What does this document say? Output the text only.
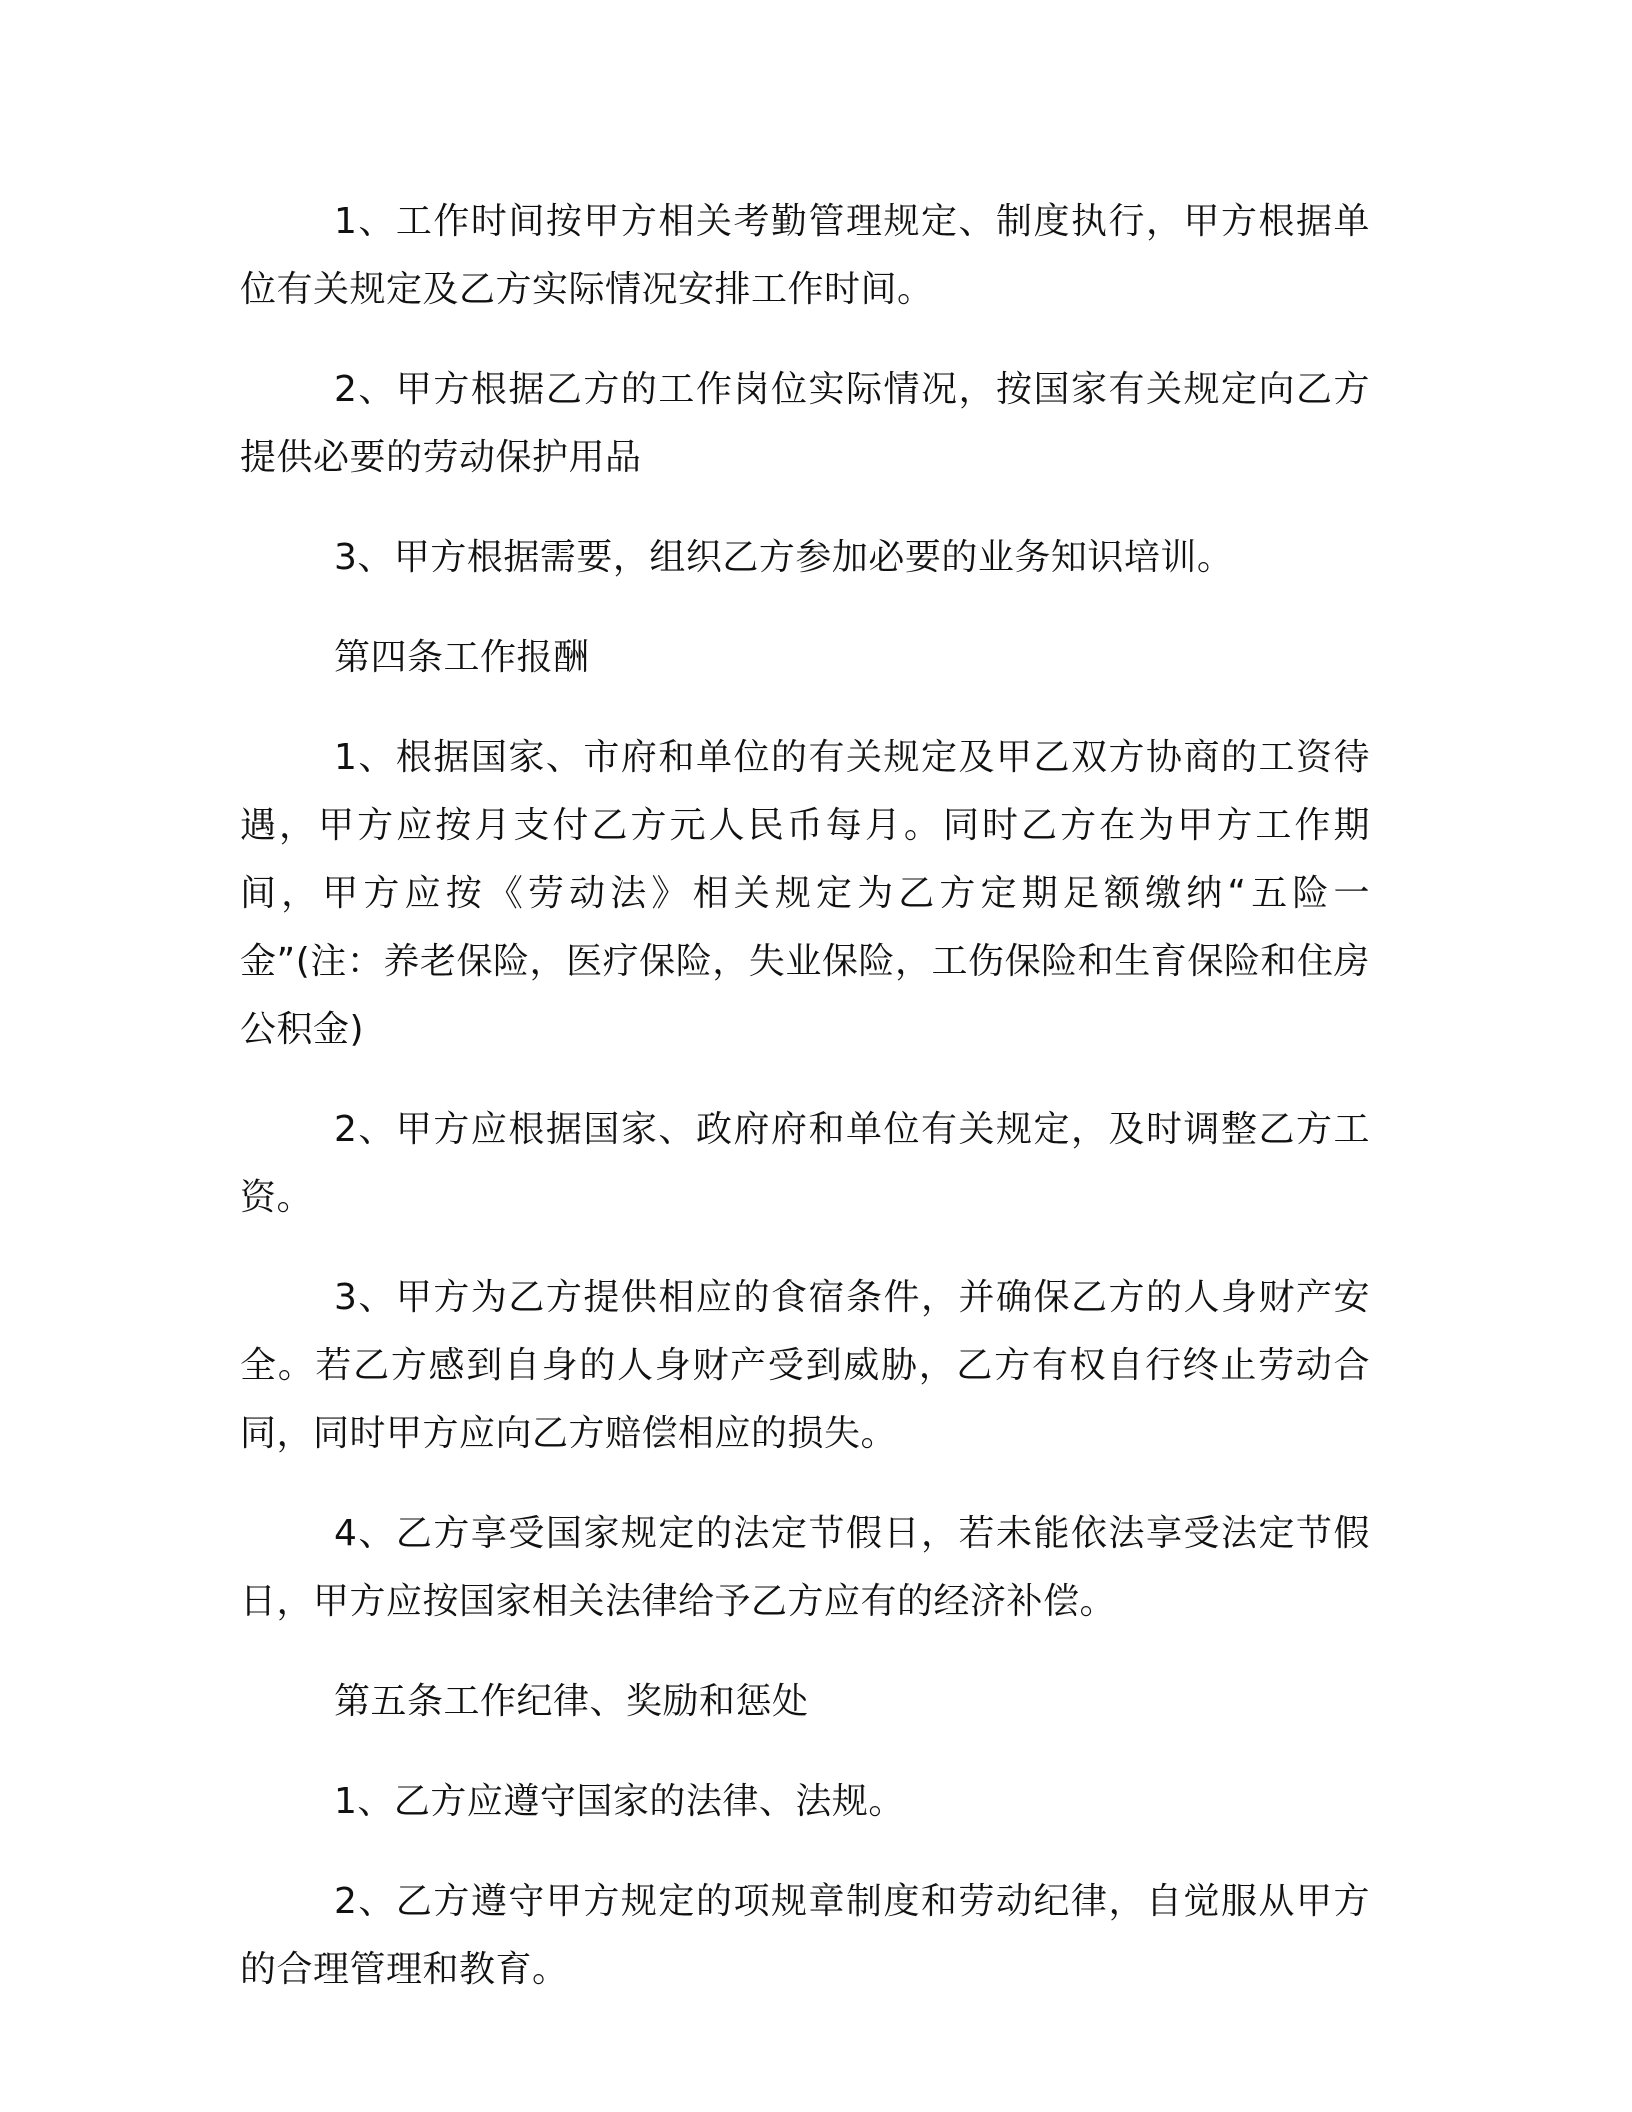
1、工作时间按甲方相关考勤管理规定、制度执行，甲方根据单位有关规定及乙方实际情况安排工作时间。

2、甲方根据乙方的工作岗位实际情况，按国家有关规定向乙方提供必要的劳动保护用品

3、甲方根据需要，组织乙方参加必要的业务知识培训。

第四条工作报酬

1、根据国家、市府和单位的有关规定及甲乙双方协商的工资待遇，甲方应按月支付乙方元人民币每月。同时乙方在为甲方工作期间，甲方应按《劳动法》相关规定为乙方定期足额缴纳“五险一金”(注：养老保险，医疗保险，失业保险，工伤保险和生育保险和住房公积金)

2、甲方应根据国家、政府府和单位有关规定，及时调整乙方工资。

3、甲方为乙方提供相应的食宿条件，并确保乙方的人身财产安全。若乙方感到自身的人身财产受到威胁，乙方有权自行终止劳动合同，同时甲方应向乙方赔偿相应的损失。

4、乙方享受国家规定的法定节假日，若未能依法享受法定节假日，甲方应按国家相关法律给予乙方应有的经济补偿。

第五条工作纪律、奖励和惩处

1、乙方应遵守国家的法律、法规。

2、乙方遵守甲方规定的项规章制度和劳动纪律，自觉服从甲方的合理管理和教育。
